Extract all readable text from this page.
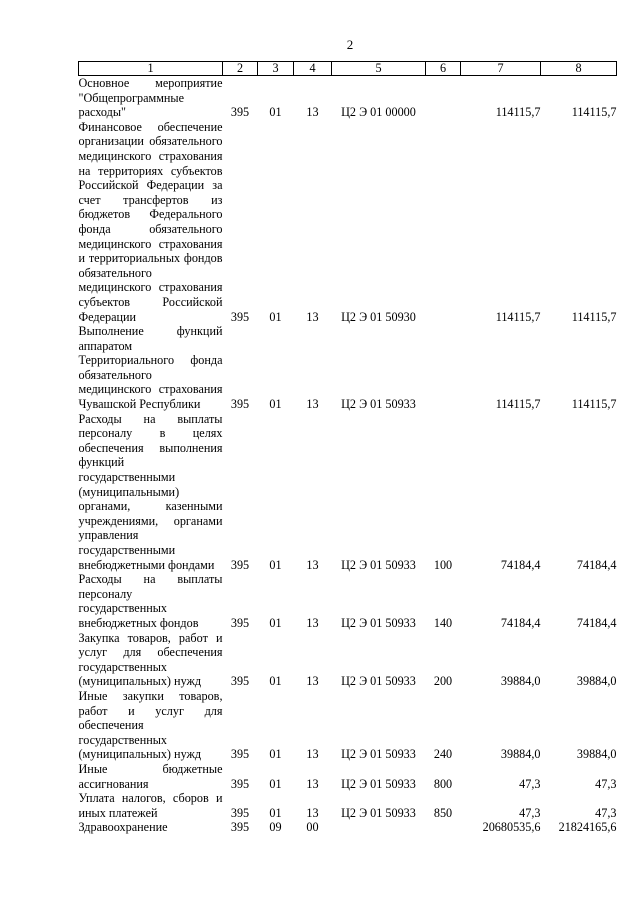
2
1	2	3	4	5	6	7	8
Основное мероприятие "Общепрограммные расходы"	395	01	13	Ц2 Э 01 00000		114115,7	114115,7
Финансовое обеспечение организации обязательного медицинского страхования на территориях субъектов Российской Федерации за счет трансфертов из бюджетов Федерального фонда обязательного медицинского страхования и территориальных фондов обязательного медицинского страхования субъектов Российской Федерации	395	01	13	Ц2 Э 01 50930		114115,7	114115,7
Выполнение функций аппаратом Территориального фонда обязательного медицинского страхования Чувашской Республики	395	01	13	Ц2 Э 01 50933		114115,7	114115,7
Расходы на выплаты персоналу в целях обеспечения выполнения функций государственными (муниципальными) органами, казенными учреждениями, органами управления государственными внебюджетными фондами	395	01	13	Ц2 Э 01 50933	100	74184,4	74184,4
Расходы на выплаты персоналу государственных внебюджетных фондов	395	01	13	Ц2 Э 01 50933	140	74184,4	74184,4
Закупка товаров, работ и услуг для обеспечения государственных (муниципальных) нужд	395	01	13	Ц2 Э 01 50933	200	39884,0	39884,0
Иные закупки товаров, работ и услуг для обеспечения государственных (муниципальных) нужд	395	01	13	Ц2 Э 01 50933	240	39884,0	39884,0
Иные бюджетные ассигнования	395	01	13	Ц2 Э 01 50933	800	47,3	47,3
Уплата налогов, сборов и иных платежей	395	01	13	Ц2 Э 01 50933	850	47,3	47,3
Здравоохранение	395	09	00			20680535,6	21824165,6
